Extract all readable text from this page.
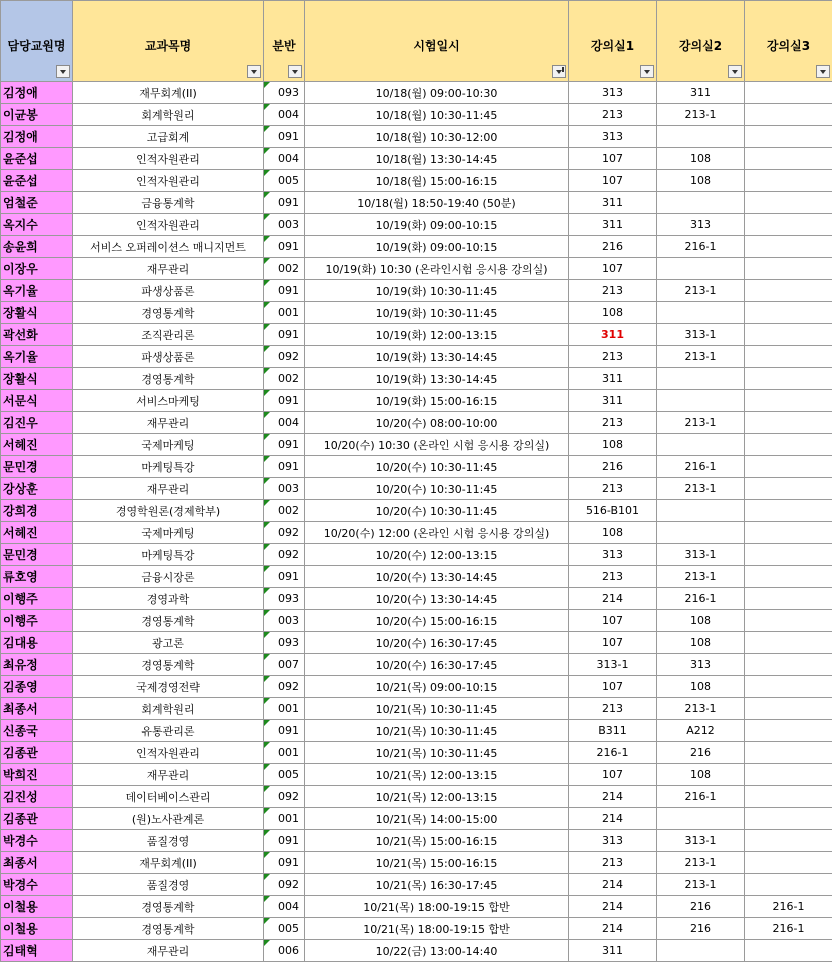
담당교원명	교과목명	분반	시험일시	강의실1	강의실2	강의실3

김정애	재무회계(II)	093	10/18(월) 09:00-10:30	313	311	
이균봉	회계학원리	004	10/18(월) 10:30-11:45	213	213-1	
김정애	고급회계	091	10/18(월) 10:30-12:00	313		
윤준섭	인적자원관리	004	10/18(월) 13:30-14:45	107	108	
윤준섭	인적자원관리	005	10/18(월) 15:00-16:15	107	108	
엄철준	금융통계학	091	10/18(월) 18:50-19:40 (50분)	311		
옥지수	인적자원관리	003	10/19(화) 09:00-10:15	311	313	
송윤희	서비스 오퍼레이션스 매니지먼트	091	10/19(화) 09:00-10:15	216	216-1	
이장우	재무관리	002	10/19(화) 10:30 (온라인시험 응시용 강의실)	107		
옥기율	파생상품론	091	10/19(화) 10:30-11:45	213	213-1	
장활식	경영통계학	001	10/19(화) 10:30-11:45	108		
곽선화	조직관리론	091	10/19(화) 12:00-13:15	311	313-1	
옥기율	파생상품론	092	10/19(화) 13:30-14:45	213	213-1	
장활식	경영통계학	002	10/19(화) 13:30-14:45	311		
서문식	서비스마케팅	091	10/19(화) 15:00-16:15	311		
김진우	재무관리	004	10/20(수) 08:00-10:00	213	213-1	
서헤진	국제마케팅	091	10/20(수) 10:30 (온라인 시험 응시용 강의실)	108		
문민경	마케팅특강	091	10/20(수) 10:30-11:45	216	216-1	
강상훈	재무관리	003	10/20(수) 10:30-11:45	213	213-1	
강희경	경영학원론(경제학부)	002	10/20(수) 10:30-11:45	516-B101		
서헤진	국제마케팅	092	10/20(수) 12:00 (온라인 시험 응시용 강의실)	108		
문민경	마케팅특강	092	10/20(수) 12:00-13:15	313	313-1	
류호영	금융시장론	091	10/20(수) 13:30-14:45	213	213-1	
이행주	경영과학	093	10/20(수) 13:30-14:45	214	216-1	
이행주	경영통계학	003	10/20(수) 15:00-16:15	107	108	
김대용	광고론	093	10/20(수) 16:30-17:45	107	108	
최유정	경영통계학	007	10/20(수) 16:30-17:45	313-1	313	
김종영	국제경영전략	092	10/21(목) 09:00-10:15	107	108	
최종서	회계학원리	001	10/21(목) 10:30-11:45	213	213-1	
신종국	유통관리론	091	10/21(목) 10:30-11:45	B311	A212	
김종관	인적자원관리	001	10/21(목) 10:30-11:45	216-1	216	
박희진	재무관리	005	10/21(목) 12:00-13:15	107	108	
김진성	데이터베이스관리	092	10/21(목) 12:00-13:15	214	216-1	
김종관	(원)노사관계론	001	10/21(목) 14:00-15:00	214		
박경수	품질경영	091	10/21(목) 15:00-16:15	313	313-1	
최종서	재무회계(II)	091	10/21(목) 15:00-16:15	213	213-1	
박경수	품질경영	092	10/21(목) 16:30-17:45	214	213-1	
이철용	경영통계학	004	10/21(목) 18:00-19:15 합반	214	216	216-1
이철용	경영통계학	005	10/21(목) 18:00-19:15 합반	214	216	216-1
김태혁	재무관리	006	10/22(금) 13:00-14:40	311		
